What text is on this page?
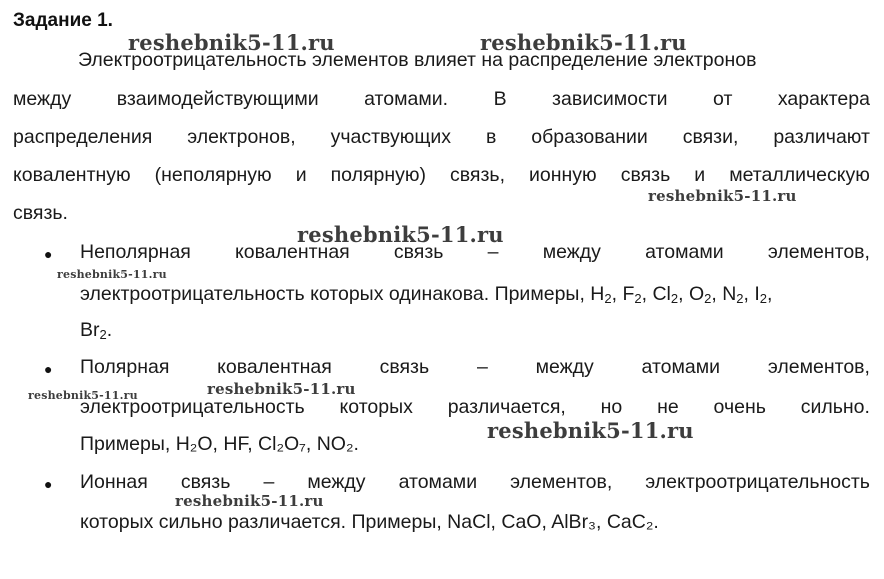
Задание 1.
Электроотрицательность элементов влияет на распределение электронов
между взаимодействующими атомами. В зависимости от характера
распределения электронов, участвующих в образовании связи, различают
ковалентную (неполярную и полярную) связь, ионную связь и металлическую
связь.
● Неполярная ковалентная связь – между атомами элементов,
электроотрицательность которых одинакова. Примеры, $H_2$, $F_2$, $Cl_2$, $O_2$, $N_2$, $I_2$,
$Br_2$.
● Полярная ковалентная связь – между атомами элементов,
электроотрицательность которых различается, но не очень сильно.
Примеры, H₂O, HF, Cl₂O₇, NO₂.
● Ионная связь – между атомами элементов, электроотрицательность
которых сильно различается. Примеры, NaCl, CaO, AlBr₃, CaC₂.
reshebnik5-11.ru	reshebnik5-11.ru
reshebnik5-11.ru
reshebnik5-11.ru
reshebnik5-11.ru
reshebnik5-11.ru	reshebnik5-11.ru
reshebnik5-11.ru
reshebnik5-11.ru
